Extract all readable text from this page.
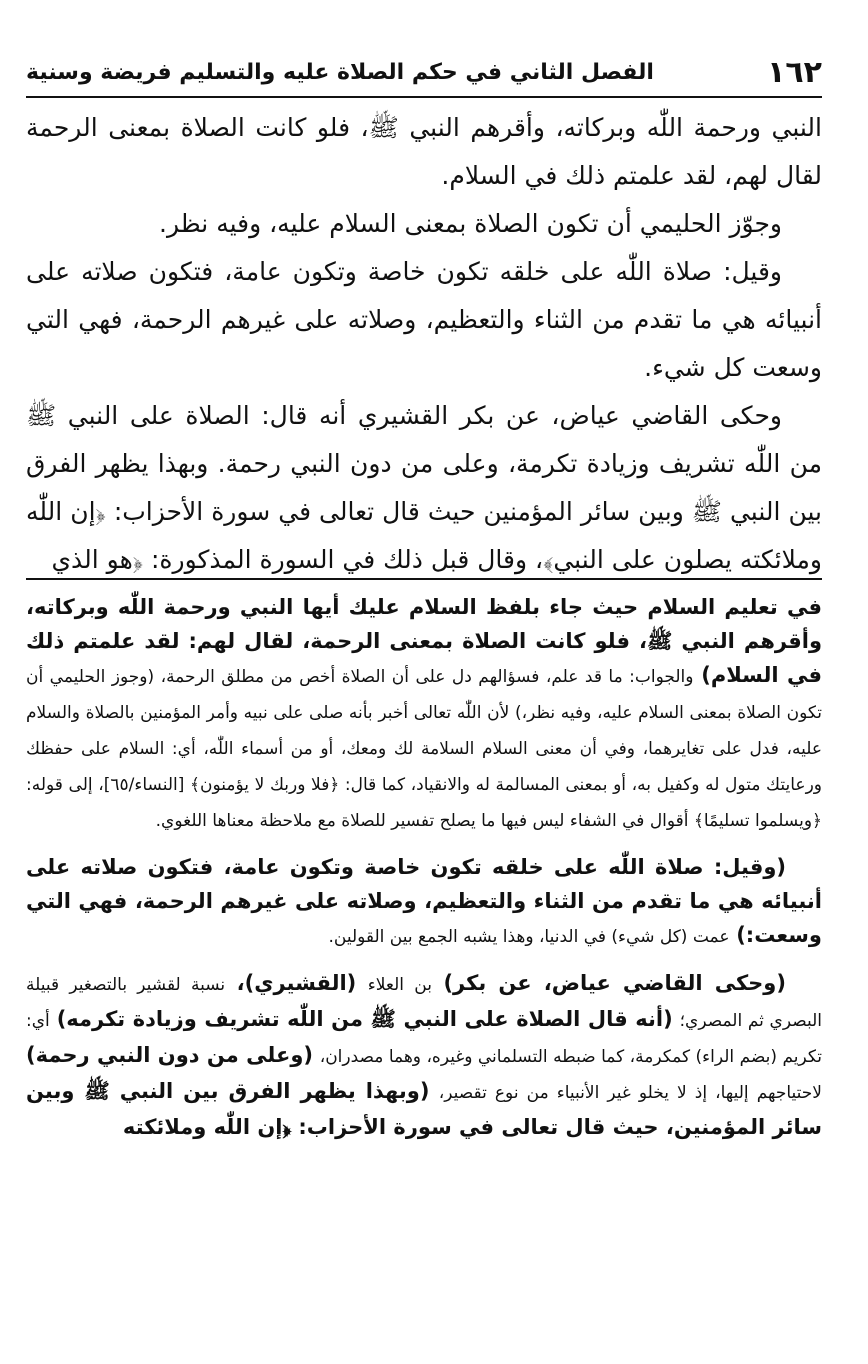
١٦٢
الفصل الثاني في حكم الصلاة عليه والتسليم فريضة وسنية

النبي ورحمة اللّٰه وبركاته، وأقرهم النبي ﷺ، فلو كانت الصلاة بمعنى الرحمة لقال لهم، لقد علمتم ذلك في السلام.

وجوّز الحليمي أن تكون الصلاة بمعنى السلام عليه، وفيه نظر.

وقيل: صلاة اللّٰه على خلقه تكون خاصة وتكون عامة، فتكون صلاته على أنبيائه هي ما تقدم من الثناء والتعظيم، وصلاته على غيرهم الرحمة، فهي التي وسعت كل شيء.

وحكى القاضي عياض، عن بكر القشيري أنه قال: الصلاة على النبي ﷺ من اللّٰه تشريف وزيادة تكرمة، وعلى من دون النبي رحمة. وبهذا يظهر الفرق بين النبي ﷺ وبين سائر المؤمنين حيث قال تعالى في سورة الأحزاب: ﴿إن اللّٰه وملائكته يصلون على النبي﴾، وقال قبل ذلك في السورة المذكورة: ﴿هو الذي

في تعليم السلام حيث جاء بلفظ السلام عليك أيها النبي ورحمة اللّٰه وبركاته، وأقرهم النبي ﷺ، فلو كانت الصلاة بمعنى الرحمة، لقال لهم: لقد علمتم ذلك في السلام) والجواب: ما قد علم، فسؤالهم دل على أن الصلاة أخص من مطلق الرحمة، (وجوز الحليمي أن تكون الصلاة بمعنى السلام عليه، وفيه نظر،) لأن اللّٰه تعالى أخبر بأنه صلى على نبيه وأمر المؤمنين بالصلاة والسلام عليه، فدل على تغايرهما، وفي أن معنى السلام السلامة لك ومعك، أو من أسماء اللّٰه، أي: السلام على حفظك ورعايتك متول له وكفيل به، أو بمعنى المسالمة له والانقياد، كما قال: ﴿فلا وربك لا يؤمنون﴾ [النساء/٦٥]، إلى قوله: ﴿ويسلموا تسليمًا﴾ أقوال في الشفاء ليس فيها ما يصلح تفسير للصلاة مع ملاحظة معناها اللغوي.

(وقيل: صلاة اللّٰه على خلقه تكون خاصة وتكون عامة، فتكون صلاته على أنبيائه هي ما تقدم من الثناء والتعظيم، وصلاته على غيرهم الرحمة، فهي التي وسعت:) عمت (كل شيء) في الدنيا، وهذا يشبه الجمع بين القولين.

(وحكى القاضي عياض، عن بكر) بن العلاء (القشيري)، نسبة لقشير بالتصغير قبيلة البصري ثم المصري؛ (أنه قال الصلاة على النبي ﷺ من اللّٰه تشريف وزيادة تكرمه) أي: تكريم (بضم الراء) كمكرمة، كما ضبطه التسلماني وغيره، وهما مصدران، (وعلى من دون النبي رحمة) لاحتياجهم إليها، إذ لا يخلو غير الأنبياء من نوع تقصير، (وبهذا يظهر الفرق بين النبي ﷺ وبين سائر المؤمنين، حيث قال تعالى في سورة الأحزاب: ﴿إن اللّٰه وملائكته
